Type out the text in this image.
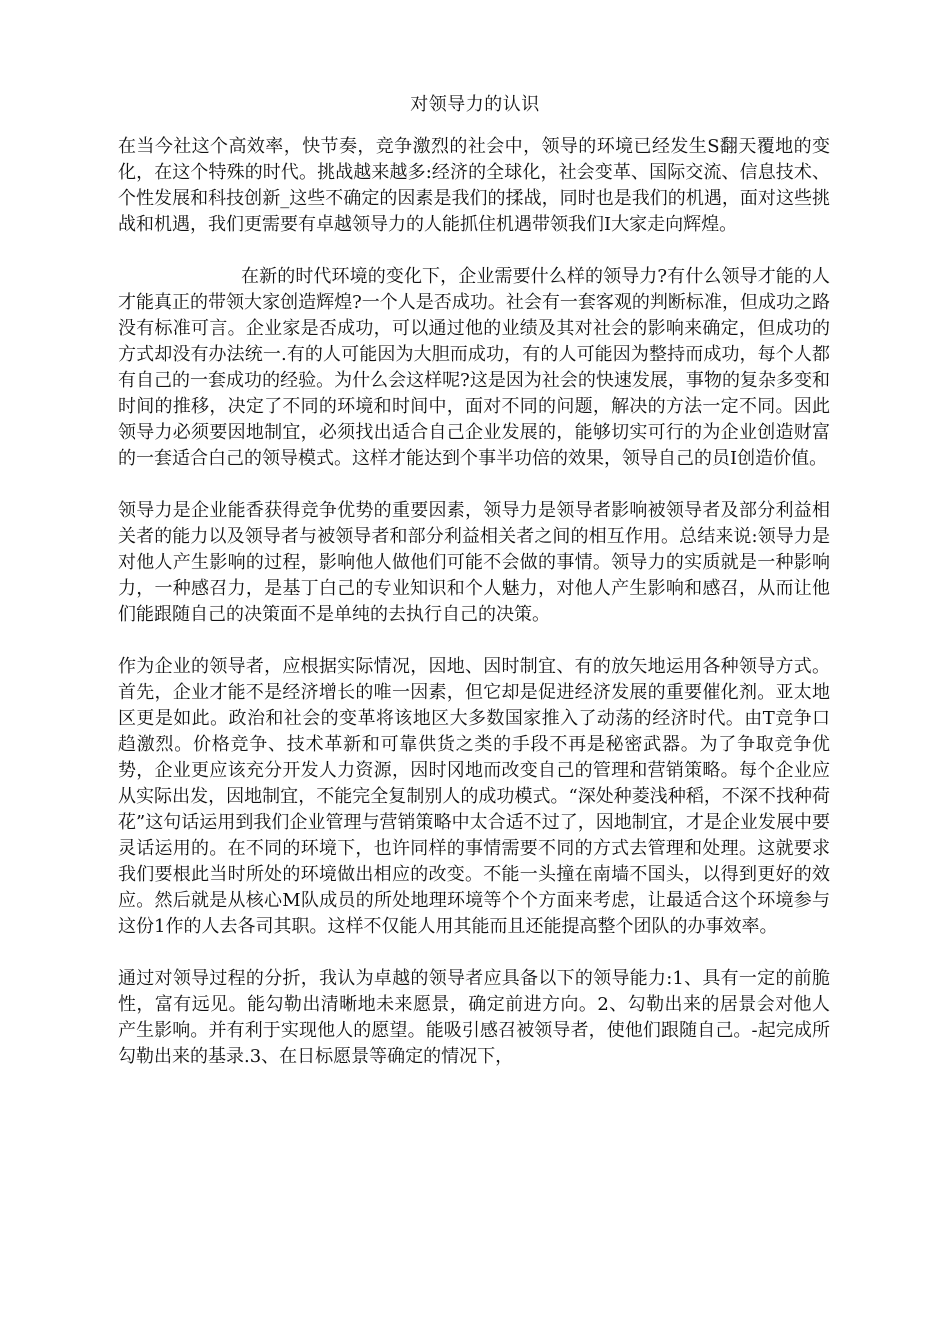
对领导力的认识

在当今社这个高效率，快节奏，竞争激烈的社会中，领导的环境已经发生S翻天覆地的变化，在这个特殊的时代。挑战越来越多:经济的全球化，社会变革、国际交流、信息技术、个性发展和科技创新_这些不确定的因素是我们的揉战，同时也是我们的机遇，面对这些挑战和机遇，我们更需要有卓越领导力的人能抓住机遇带领我们I大家走向辉煌。

在新的时代环境的变化下，企业需要什么样的领导力?有什么领导才能的人才能真正的带领大家创造辉煌?一个人是否成功。社会有一套客观的判断标准，但成功之路没有标准可言。企业家是否成功，可以通过他的业绩及其对社会的影响来确定，但成功的方式却没有办法统一.有的人可能因为大胆而成功，有的人可能因为整持而成功，每个人都有自己的一套成功的经验。为什么会这样呢?这是因为社会的快速发展，事物的复杂多变和时间的推移，决定了不同的环境和时间中，面对不同的问题，解决的方法一定不同。因此领导力必须要因地制宜，必须找出适合自己企业发展的，能够切实可行的为企业创造财富的一套适合白己的领导模式。这样才能达到个事半功倍的效果，领导自己的员I创造价值。

领导力是企业能香获得竞争优势的重要因素，领导力是领导者影响被领导者及部分利益相关者的能力以及领导者与被领导者和部分利益相关者之间的相互作用。总结来说:领导力是对他人产生影响的过程，影响他人做他们可能不会做的事情。领导力的实质就是一种影响力，一种感召力，是基丁白己的专业知识和个人魅力，对他人产生影响和感召，从而让他们能跟随自己的决策面不是单纯的去执行自己的决策。

作为企业的领导者，应根据实际情况，因地、因时制宜、有的放矢地运用各种领导方式。首先，企业才能不是经济增长的唯一因素，但它却是促进经济发展的重要催化剂。亚太地区更是如此。政治和社会的变革将该地区大多数国家推入了动荡的经济时代。由T竞争口趋激烈。价格竞争、技术革新和可靠供货之类的手段不再是秘密武器。为了争取竞争优势，企业更应该充分开发人力资源，因时冈地而改变自己的管理和营销策略。每个企业应从实际出发，因地制宜，不能完全复制别人的成功模式。“深处种菱浅种稻，不深不找种荷花”这句话运用到我们企业管理与营销策略中太合适不过了，因地制宜，才是企业发展中要灵话运用的。在不同的环境下，也许同样的事情需要不同的方式去管理和处理。这就要求我们要根此当时所处的环境做出相应的改变。不能一头撞在南墙不国头，以得到更好的效应。然后就是从核心M队成员的所处地理环境等个个方面来考虑，让最适合这个环境参与这份1作的人去各司其职。这样不仅能人用其能而且还能提高整个团队的办事效率。

通过对领导过程的分折，我认为卓越的领导者应具备以下的领导能力:1、具有一定的前脆性，富有远见。能勾勒出清晰地未来愿景，确定前进方向。2、勾勒出来的居景会对他人产生影响。并有利于实现他人的愿望。能吸引感召被领导者，使他们跟随自己。-起完成所勾勒出来的基录.3、在日标愿景等确定的情况下，
